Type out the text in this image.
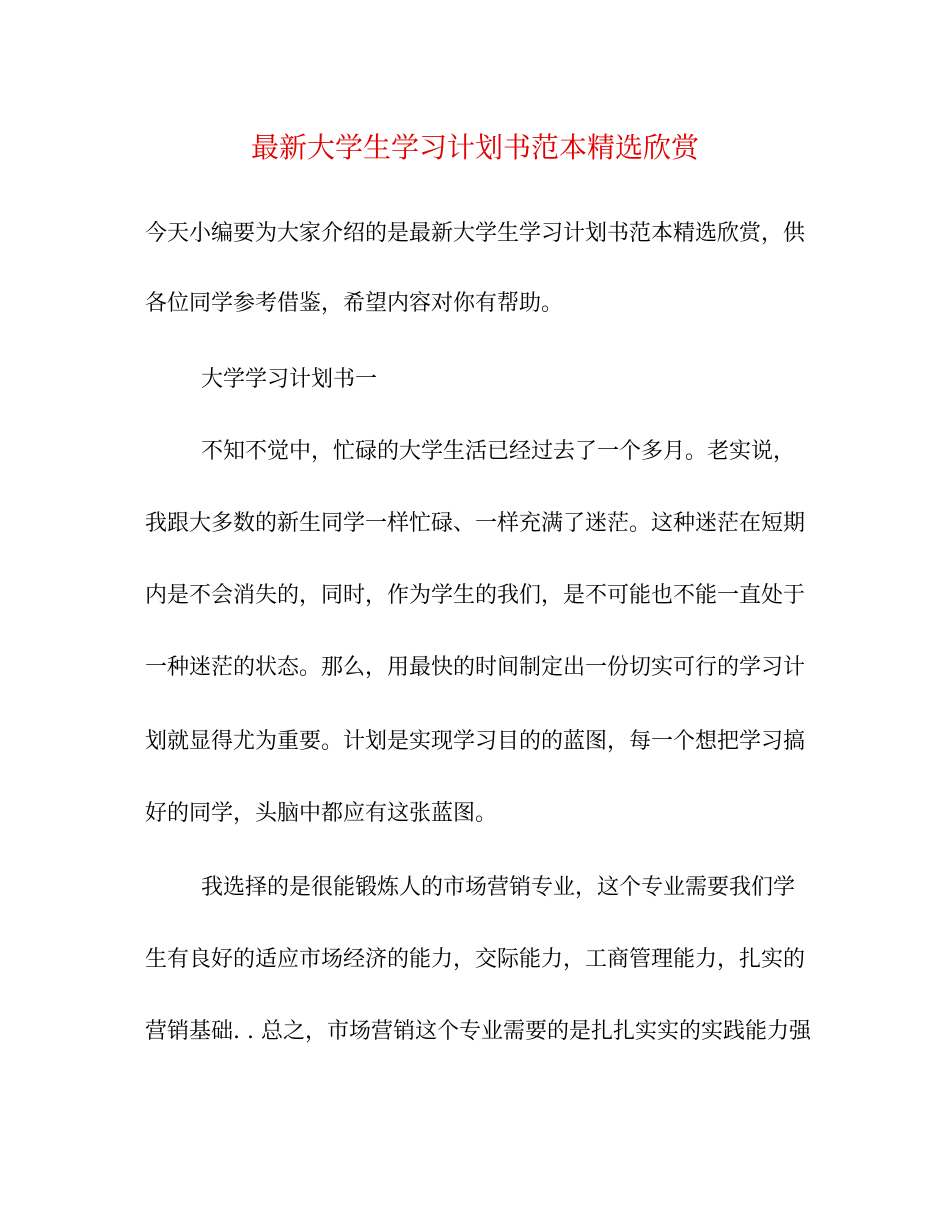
最新大学生学习计划书范本精选欣赏

今天小编要为大家介绍的是最新大学生学习计划书范本精选欣赏，供

各位同学参考借鉴，希望内容对你有帮助。

大学学习计划书一

不知不觉中，忙碌的大学生活已经过去了一个多月。老实说，

我跟大多数的新生同学一样忙碌、一样充满了迷茫。这种迷茫在短期

内是不会消失的，同时，作为学生的我们，是不可能也不能一直处于

一种迷茫的状态。那么，用最快的时间制定出一份切实可行的学习计

划就显得尤为重要。计划是实现学习目的的蓝图，每一个想把学习搞

好的同学，头脑中都应有这张蓝图。

我选择的是很能锻炼人的市场营销专业，这个专业需要我们学

生有良好的适应市场经济的能力，交际能力，工商管理能力，扎实的

营销基础. . 总之，市场营销这个专业需要的是扎扎实实的实践能力强
